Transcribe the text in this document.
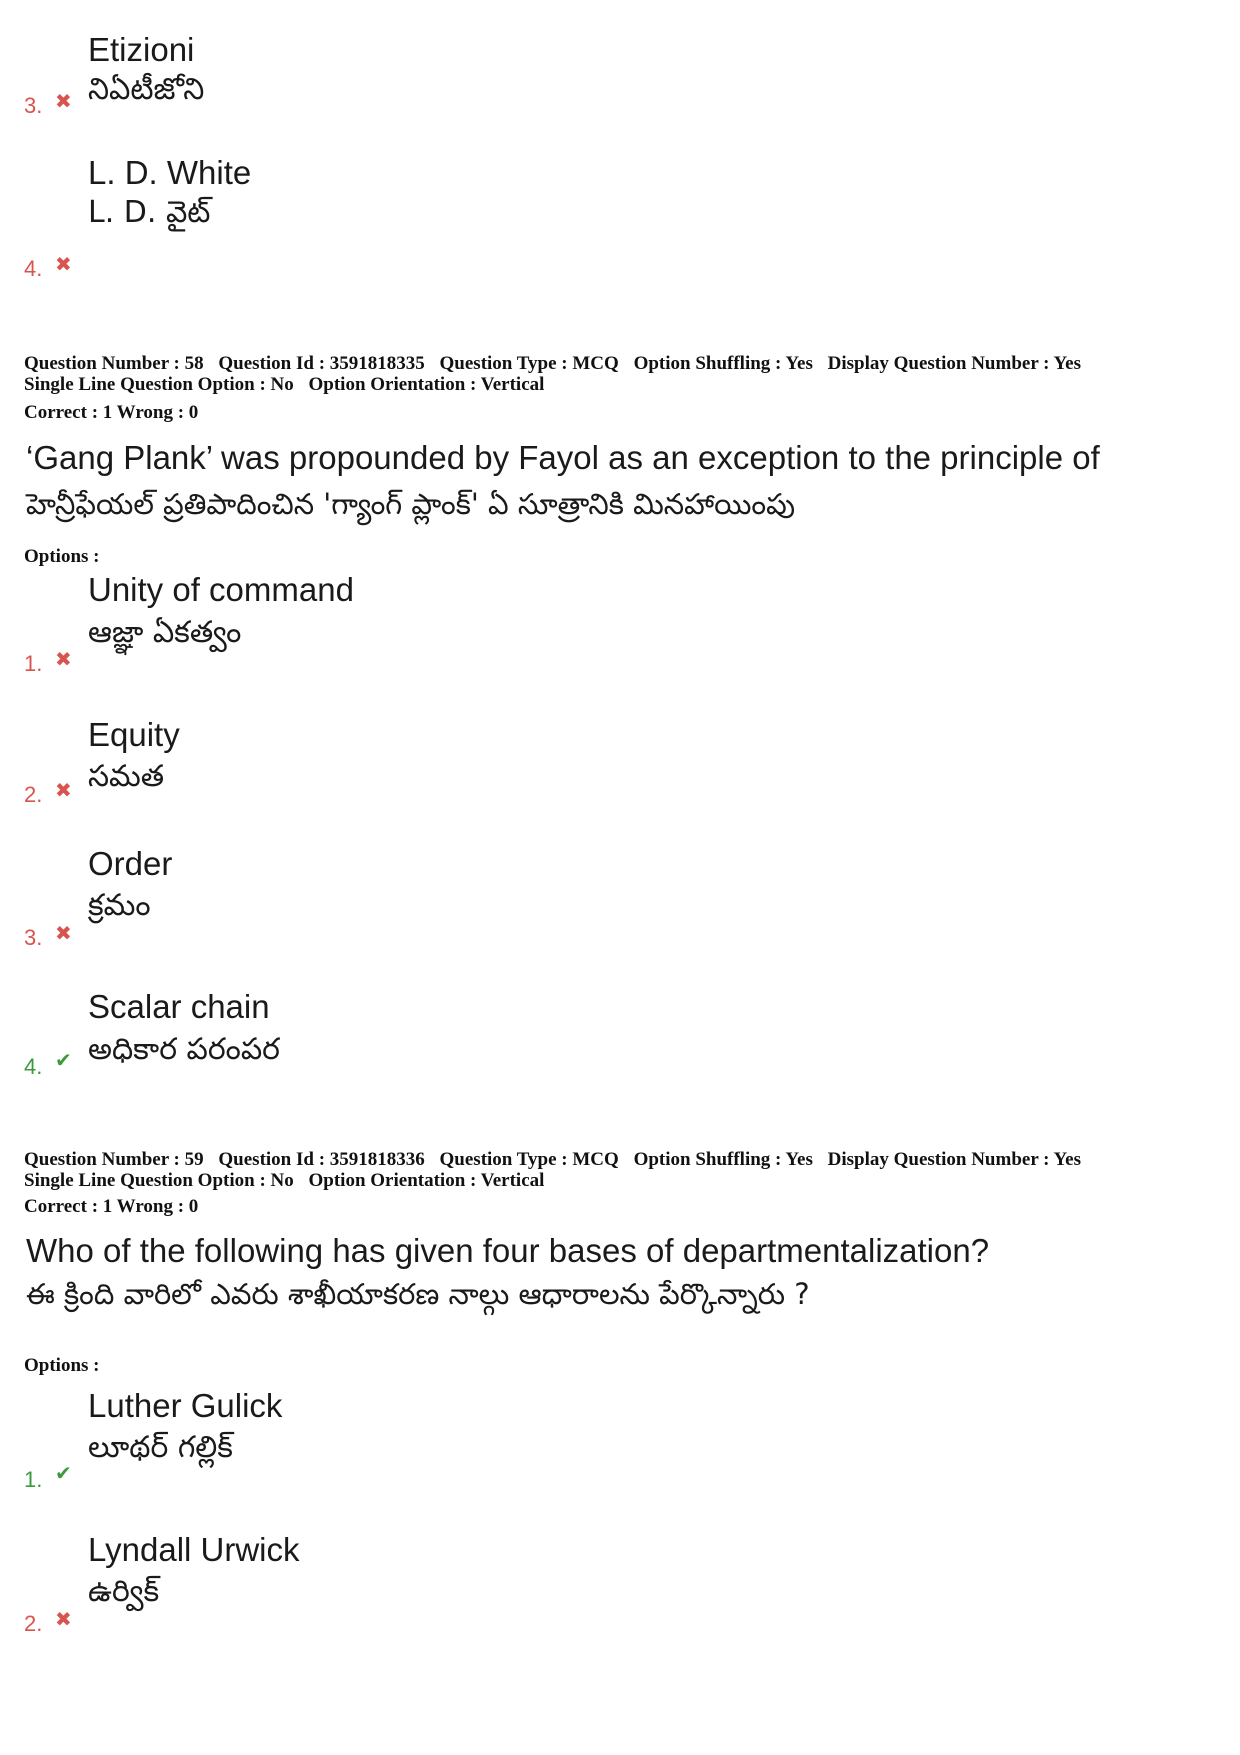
Etizioni
నిఏటీజోని
3. ✖
L. D. White
L. D. వైట్
4. ✖
Question Number : 58 Question Id : 3591818335 Question Type : MCQ Option Shuffling : Yes Display Question Number : Yes
Single Line Question Option : No Option Orientation : Vertical
Correct : 1 Wrong : 0
‘Gang Plank’ was propounded by Fayol as an exception to the principle of
హెన్రీఫేయల్ ప్రతిపాదించిన 'గ్యాంగ్ ప్లాంక్' ఏ సూత్రానికి మినహాయింపు
Options :
Unity of command
ఆజ్ఞా ఏకత్వం
1. ✖
Equity
సమత
2. ✖
Order
క్రమం
3. ✖
Scalar chain
అధికార పరంపర
4. ✔
Question Number : 59 Question Id : 3591818336 Question Type : MCQ Option Shuffling : Yes Display Question Number : Yes
Single Line Question Option : No Option Orientation : Vertical
Correct : 1 Wrong : 0
Who of the following has given four bases of departmentalization?
ఈ క్రింది వారిలో ఎవరు శాఖీయాకరణ నాల్గు ఆధారాలను పేర్కొన్నారు ?
Options :
Luther Gulick
లూథర్ గల్లిక్
1. ✔
Lyndall Urwick
ఉర్విక్
2. ✖
